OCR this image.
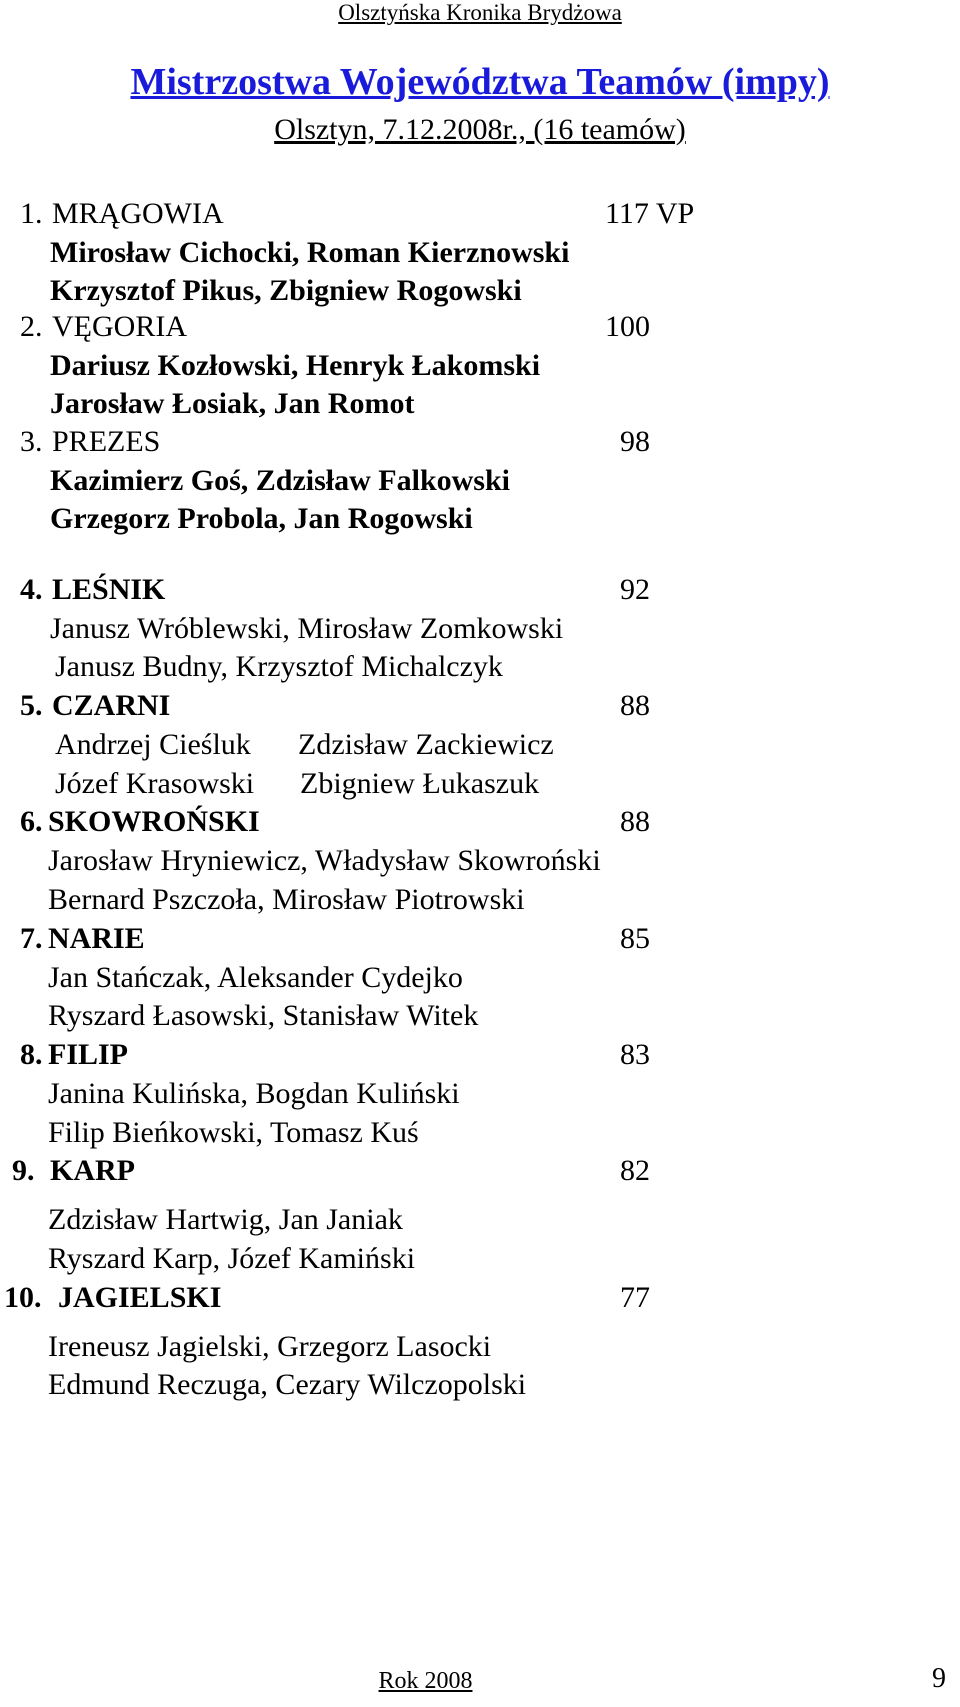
Olsztyńska Kronika Brydżowa
Mistrzostwa Województwa Teamów (impy)
Olsztyn, 7.12.2008r., (16 teamów)
1. MRĄGOWIA	117 VP
Mirosław Cichocki, Roman Kierznowski
Krzysztof Pikus, Zbigniew Rogowski
2. VĘGORIA	100
Dariusz Kozłowski, Henryk Łakomski
Jarosław Łosiak, Jan Romot
3. PREZES	98
Kazimierz Goś, Zdzisław Falkowski
Grzegorz Probola, Jan Rogowski
4. LEŚNIK	92
Janusz Wróblewski, Mirosław Zomkowski
Janusz Budny, Krzysztof Michalczyk
5. CZARNI	88
Andrzej Cieśluk Zdzisław Zackiewicz
Józef Krasowski Zbigniew Łukaszuk
6. SKOWROŃSKI	88
Jarosław Hryniewicz, Władysław Skowroński
Bernard Pszczoła, Mirosław Piotrowski
7. NARIE	85
Jan Stańczak, Aleksander Cydejko
Ryszard Łasowski, Stanisław Witek
8. FILIP	83
Janina Kulińska, Bogdan Kuliński
Filip Bieńkowski, Tomasz Kuś
9. KARP	82
Zdzisław Hartwig, Jan Janiak
Ryszard Karp, Józef Kamiński
10. JAGIELSKI	77
Ireneusz Jagielski, Grzegorz Lasocki
Edmund Reczuga, Cezary Wilczopolski
Rok 2008	9
